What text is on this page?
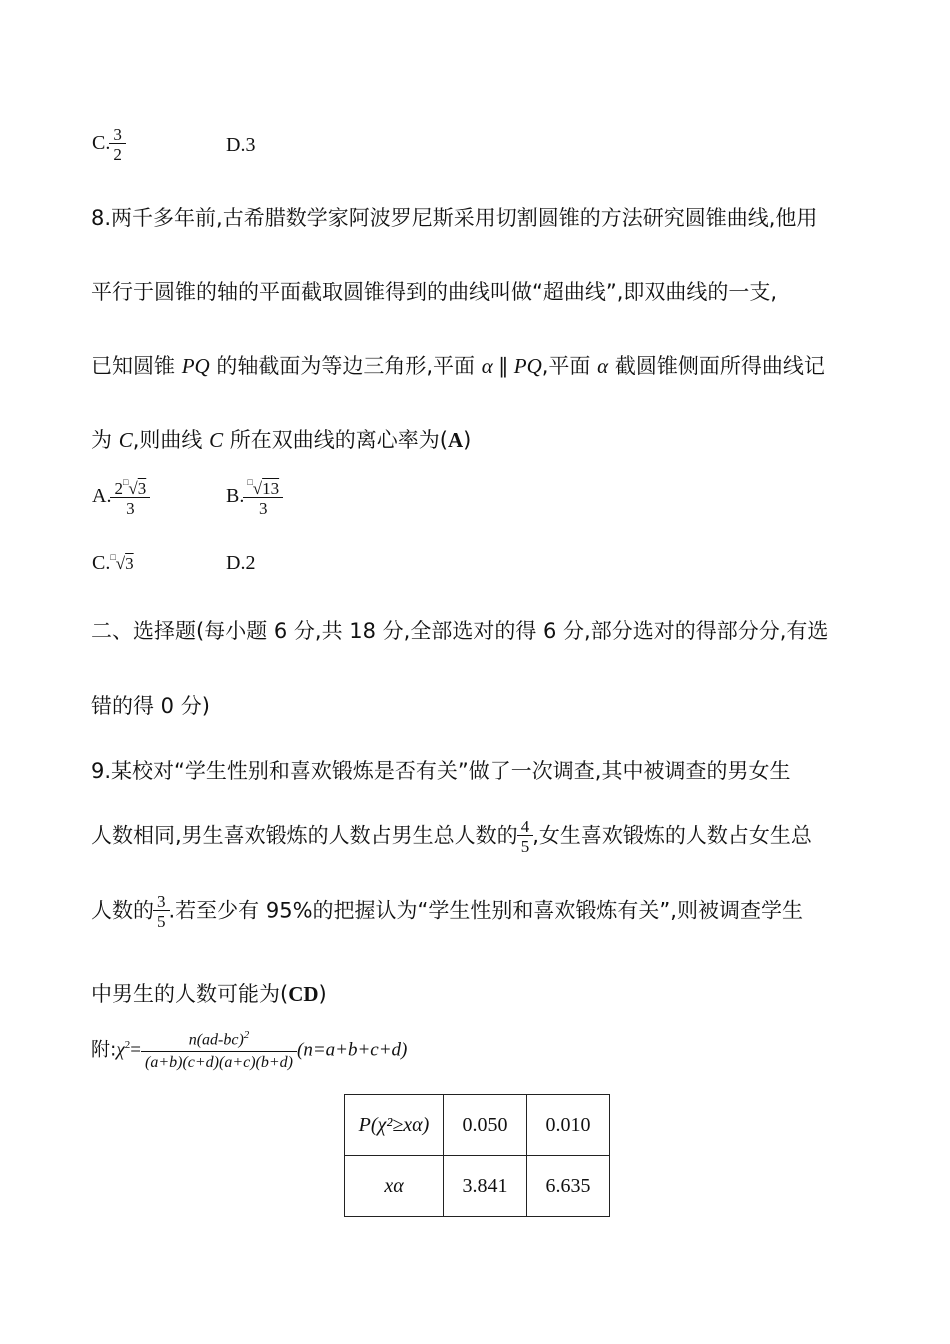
C. $\frac{3}{2}$	D.3
8.两千多年前,古希腊数学家阿波罗尼斯采用切割圆锥的方法研究圆锥曲线,他用
平行于圆锥的轴的平面截取圆锥得到的曲线叫做“超曲线”,即双曲线的一支,
已知圆锥 PQ 的轴截面为等边三角形,平面 α ∥ PQ,平面 α 截圆锥侧面所得曲线记
为 C,则曲线 C 所在双曲线的离心率为(A)
A. $\frac{2^□√3}{3}$	B. $\frac{^□√13}{3}$
C.□√3	D.2
二、选择题(每小题 6 分,共 18 分,全部选对的得 6 分,部分选对的得部分分,有选
错的得 0 分)
9.某校对“学生性别和喜欢锻炼是否有关”做了一次调查,其中被调查的男女生
人数相同,男生喜欢锻炼的人数占男生总人数的 $\frac{4}{5}$ ,女生喜欢锻炼的人数占女生总
人数的 $\frac{3}{5}$ .若至少有 95%的把握认为“学生性别和喜欢锻炼有关”,则被调查学生
中男生的人数可能为(CD)
附$:\chi^2= \frac{n(ad-bc)^2}{(a+b)(c+d)(a+c)(b+d)} (n=a+b+c+d)$
P(χ²≥xα)	0.050	0.010
xα	3.841	6.635
